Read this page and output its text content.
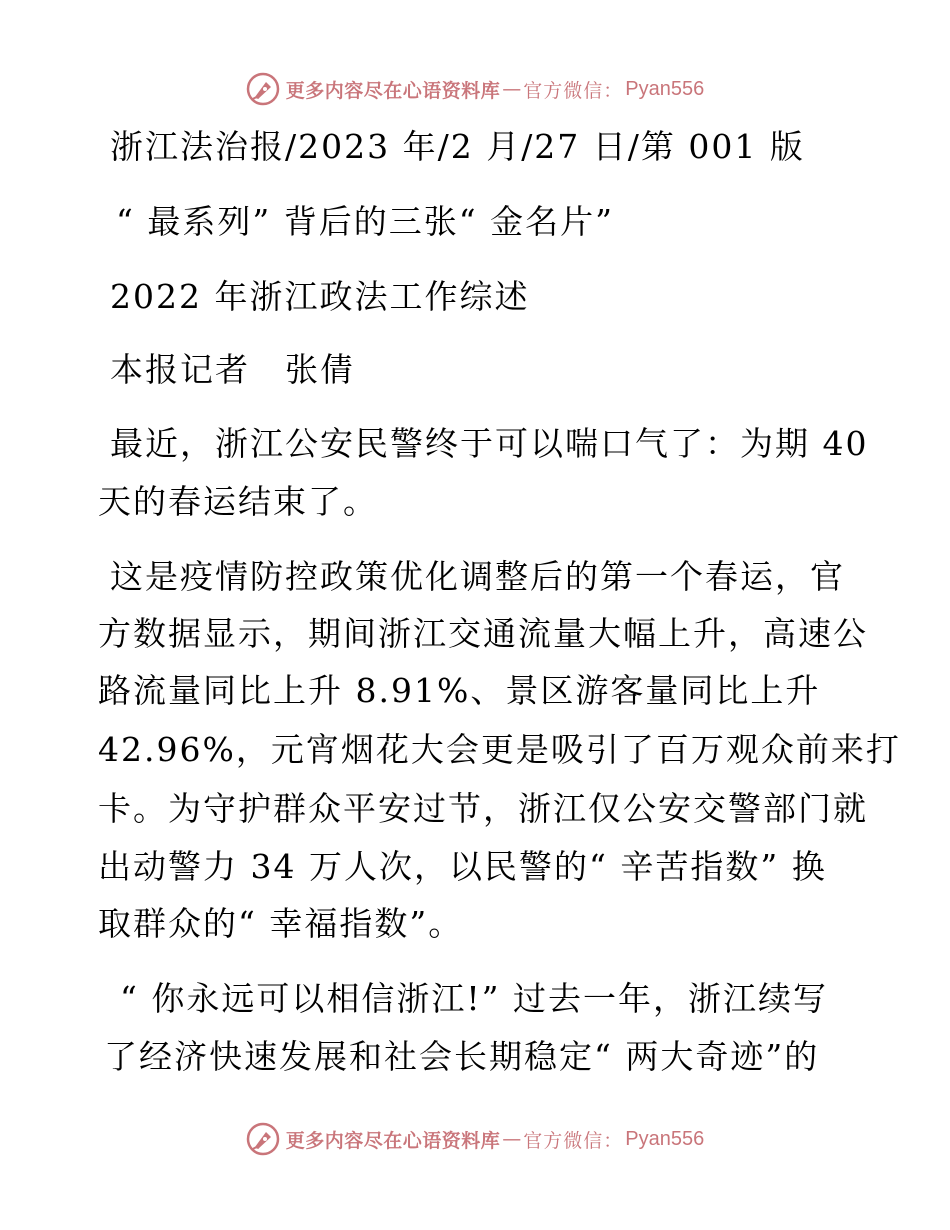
更多内容尽在心语资料库 — 官方微信： Pyan556
浙江法治报/2023 年/2 月/27 日/第 001 版
“ 最系列” 背后的三张“ 金名片”
2022 年浙江政法工作综述
本报记者　张倩
最近，浙江公安民警终于可以喘口气了：为期 40
天的春运结束了。
这是疫情防控政策优化调整后的第一个春运，官
方数据显示，期间浙江交通流量大幅上升，高速公
路流量同比上升 8.91%、景区游客量同比上升
42.96%，元宵烟花大会更是吸引了百万观众前来打
卡。为守护群众平安过节，浙江仅公安交警部门就
出动警力 34 万人次，以民警的“ 辛苦指数” 换
取群众的“ 幸福指数”。
“ 你永远可以相信浙江!” 过去一年，浙江续写
了经济快速发展和社会长期稳定“ 两大奇迹”的
更多内容尽在心语资料库 — 官方微信： Pyan556
